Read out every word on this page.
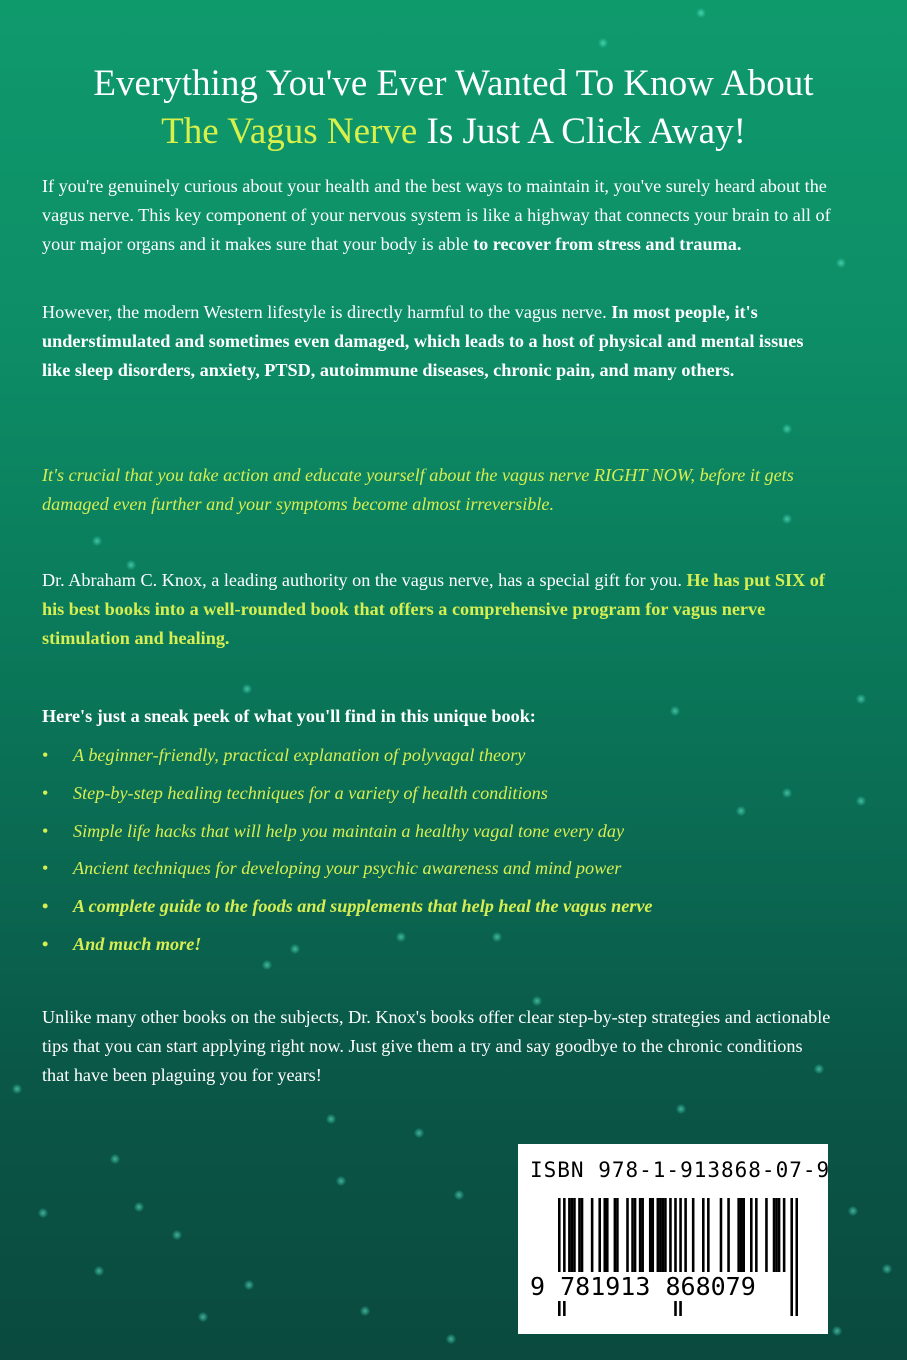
Everything You've Ever Wanted To Know About
The Vagus Nerve Is Just A Click Away!

If you're genuinely curious about your health and the best ways to maintain it, you've surely heard about the vagus nerve. This key component of your nervous system is like a highway that connects your brain to all of your major organs and it makes sure that your body is able to recover from stress and trauma.

However, the modern Western lifestyle is directly harmful to the vagus nerve. In most people, it's understimulated and sometimes even damaged, which leads to a host of physical and mental issues like sleep disorders, anxiety, PTSD, autoimmune diseases, chronic pain, and many others.

It's crucial that you take action and educate yourself about the vagus nerve RIGHT NOW, before it gets damaged even further and your symptoms become almost irreversible.

Dr. Abraham C. Knox, a leading authority on the vagus nerve, has a special gift for you. He has put SIX of his best books into a well-rounded book that offers a comprehensive program for vagus nerve stimulation and healing.

Here's just a sneak peek of what you'll find in this unique book:

• A beginner-friendly, practical explanation of polyvagal theory
• Step-by-step healing techniques for a variety of health conditions
• Simple life hacks that will help you maintain a healthy vagal tone every day
• Ancient techniques for developing your psychic awareness and mind power
• A complete guide to the foods and supplements that help heal the vagus nerve
• And much more!

Unlike many other books on the subjects, Dr. Knox's books offer clear step-by-step strategies and actionable tips that you can start applying right now. Just give them a try and say goodbye to the chronic conditions that have been plaguing you for years!

ISBN 978-1-913868-07-9
9 781913 868079
